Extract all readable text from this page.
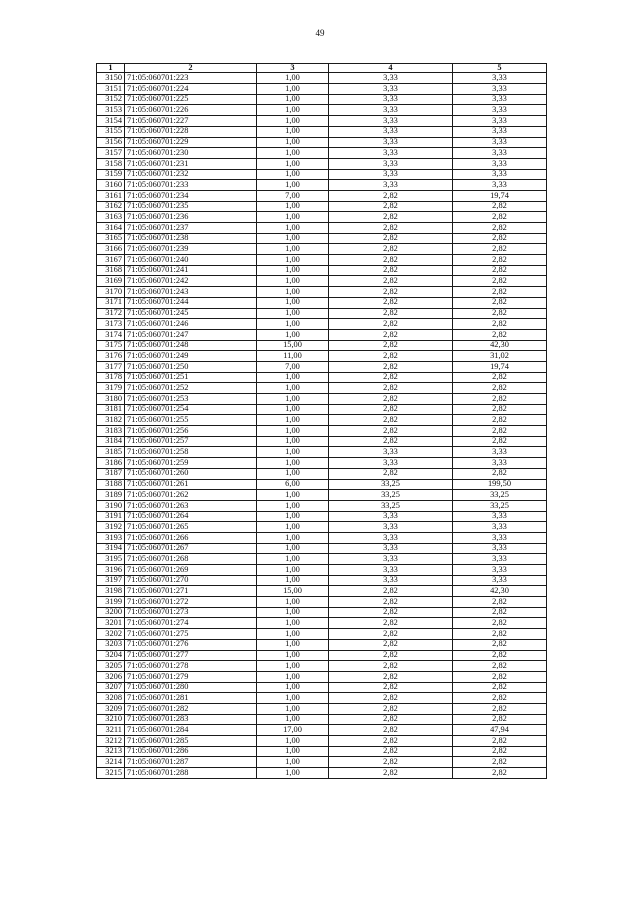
49
1	2	3	4	5
3150	71:05:060701:223	1,00	3,33	3,33
3151	71:05:060701:224	1,00	3,33	3,33
3152	71:05:060701:225	1,00	3,33	3,33
3153	71:05:060701:226	1,00	3,33	3,33
3154	71:05:060701:227	1,00	3,33	3,33
3155	71:05:060701:228	1,00	3,33	3,33
3156	71:05:060701:229	1,00	3,33	3,33
3157	71:05:060701:230	1,00	3,33	3,33
3158	71:05:060701:231	1,00	3,33	3,33
3159	71:05:060701:232	1,00	3,33	3,33
3160	71:05:060701:233	1,00	3,33	3,33
3161	71:05:060701:234	7,00	2,82	19,74
3162	71:05:060701:235	1,00	2,82	2,82
3163	71:05:060701:236	1,00	2,82	2,82
3164	71:05:060701:237	1,00	2,82	2,82
3165	71:05:060701:238	1,00	2,82	2,82
3166	71:05:060701:239	1,00	2,82	2,82
3167	71:05:060701:240	1,00	2,82	2,82
3168	71:05:060701:241	1,00	2,82	2,82
3169	71:05:060701:242	1,00	2,82	2,82
3170	71:05:060701:243	1,00	2,82	2,82
3171	71:05:060701:244	1,00	2,82	2,82
3172	71:05:060701:245	1,00	2,82	2,82
3173	71:05:060701:246	1,00	2,82	2,82
3174	71:05:060701:247	1,00	2,82	2,82
3175	71:05:060701:248	15,00	2,82	42,30
3176	71:05:060701:249	11,00	2,82	31,02
3177	71:05:060701:250	7,00	2,82	19,74
3178	71:05:060701:251	1,00	2,82	2,82
3179	71:05:060701:252	1,00	2,82	2,82
3180	71:05:060701:253	1,00	2,82	2,82
3181	71:05:060701:254	1,00	2,82	2,82
3182	71:05:060701:255	1,00	2,82	2,82
3183	71:05:060701:256	1,00	2,82	2,82
3184	71:05:060701:257	1,00	2,82	2,82
3185	71:05:060701:258	1,00	3,33	3,33
3186	71:05:060701:259	1,00	3,33	3,33
3187	71:05:060701:260	1,00	2,82	2,82
3188	71:05:060701:261	6,00	33,25	199,50
3189	71:05:060701:262	1,00	33,25	33,25
3190	71:05:060701:263	1,00	33,25	33,25
3191	71:05:060701:264	1,00	3,33	3,33
3192	71:05:060701:265	1,00	3,33	3,33
3193	71:05:060701:266	1,00	3,33	3,33
3194	71:05:060701:267	1,00	3,33	3,33
3195	71:05:060701:268	1,00	3,33	3,33
3196	71:05:060701:269	1,00	3,33	3,33
3197	71:05:060701:270	1,00	3,33	3,33
3198	71:05:060701:271	15,00	2,82	42,30
3199	71:05:060701:272	1,00	2,82	2,82
3200	71:05:060701:273	1,00	2,82	2,82
3201	71:05:060701:274	1,00	2,82	2,82
3202	71:05:060701:275	1,00	2,82	2,82
3203	71:05:060701:276	1,00	2,82	2,82
3204	71:05:060701:277	1,00	2,82	2,82
3205	71:05:060701:278	1,00	2,82	2,82
3206	71:05:060701:279	1,00	2,82	2,82
3207	71:05:060701:280	1,00	2,82	2,82
3208	71:05:060701:281	1,00	2,82	2,82
3209	71:05:060701:282	1,00	2,82	2,82
3210	71:05:060701:283	1,00	2,82	2,82
3211	71:05:060701:284	17,00	2,82	47,94
3212	71:05:060701:285	1,00	2,82	2,82
3213	71:05:060701:286	1,00	2,82	2,82
3214	71:05:060701:287	1,00	2,82	2,82
3215	71:05:060701:288	1,00	2,82	2,82
